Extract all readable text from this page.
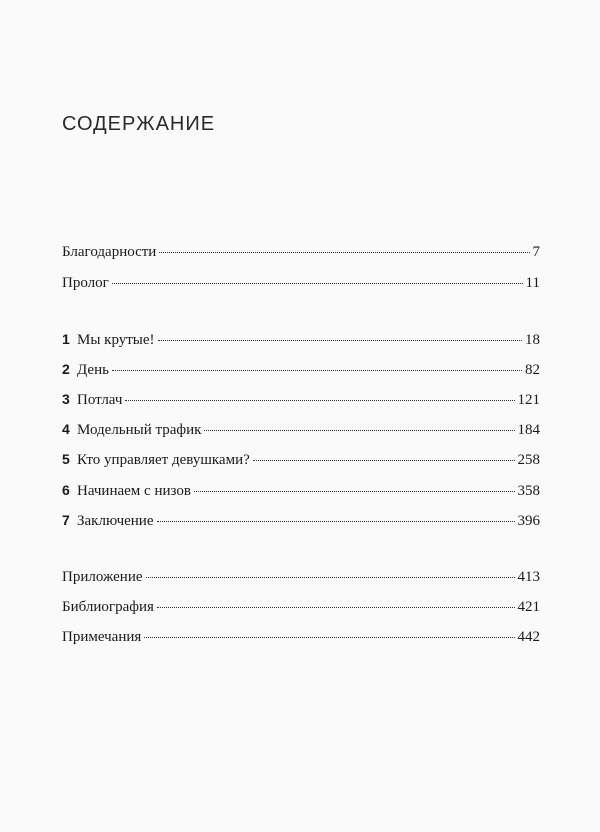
СОДЕРЖАНИЕ
Благодарности	7
Пролог	11
1 Мы крутые!	18
2 День	82
3 Потлач	121
4 Модельный трафик	184
5 Кто управляет девушками?	258
6 Начинаем с низов	358
7 Заключение	396
Приложение	413
Библиография	421
Примечания	442
